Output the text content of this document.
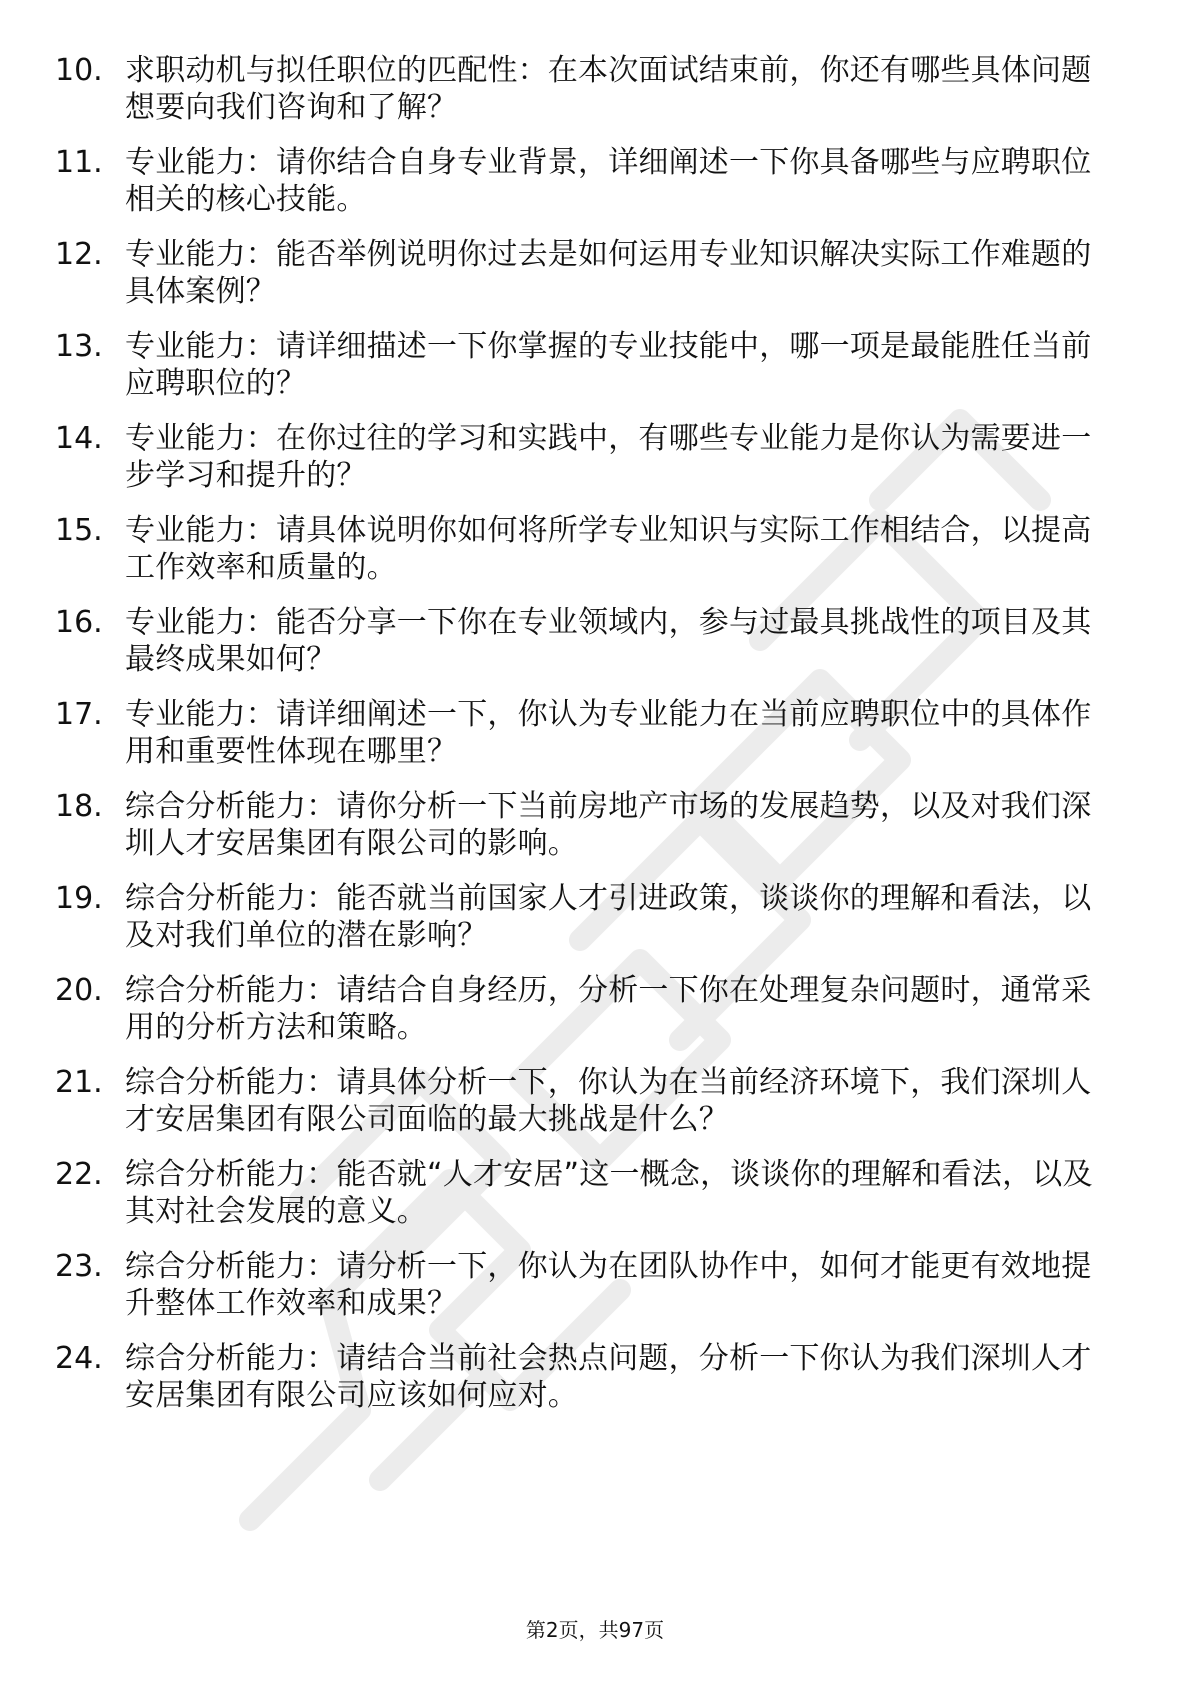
10. 求职动机与拟任职位的匹配性：在本次面试结束前，你还有哪些具体问题想要向我们咨询和了解？
11. 专业能力：请你结合自身专业背景，详细阐述一下你具备哪些与应聘职位相关的核心技能。
12. 专业能力：能否举例说明你过去是如何运用专业知识解决实际工作难题的具体案例？
13. 专业能力：请详细描述一下你掌握的专业技能中，哪一项是最能胜任当前应聘职位的？
14. 专业能力：在你过往的学习和实践中，有哪些专业能力是你认为需要进一步学习和提升的？
15. 专业能力：请具体说明你如何将所学专业知识与实际工作相结合，以提高工作效率和质量的。
16. 专业能力：能否分享一下你在专业领域内，参与过最具挑战性的项目及其最终成果如何？
17. 专业能力：请详细阐述一下，你认为专业能力在当前应聘职位中的具体作用和重要性体现在哪里？
18. 综合分析能力：请你分析一下当前房地产市场的发展趋势，以及对我们深圳人才安居集团有限公司的影响。
19. 综合分析能力：能否就当前国家人才引进政策，谈谈你的理解和看法，以及对我们单位的潜在影响？
20. 综合分析能力：请结合自身经历，分析一下你在处理复杂问题时，通常采用的分析方法和策略。
21. 综合分析能力：请具体分析一下，你认为在当前经济环境下，我们深圳人才安居集团有限公司面临的最大挑战是什么？
22. 综合分析能力：能否就“人才安居”这一概念，谈谈你的理解和看法，以及其对社会发展的意义。
23. 综合分析能力：请分析一下，你认为在团队协作中，如何才能更有效地提升整体工作效率和成果？
24. 综合分析能力：请结合当前社会热点问题，分析一下你认为我们深圳人才安居集团有限公司应该如何应对。
第2页，共97页
